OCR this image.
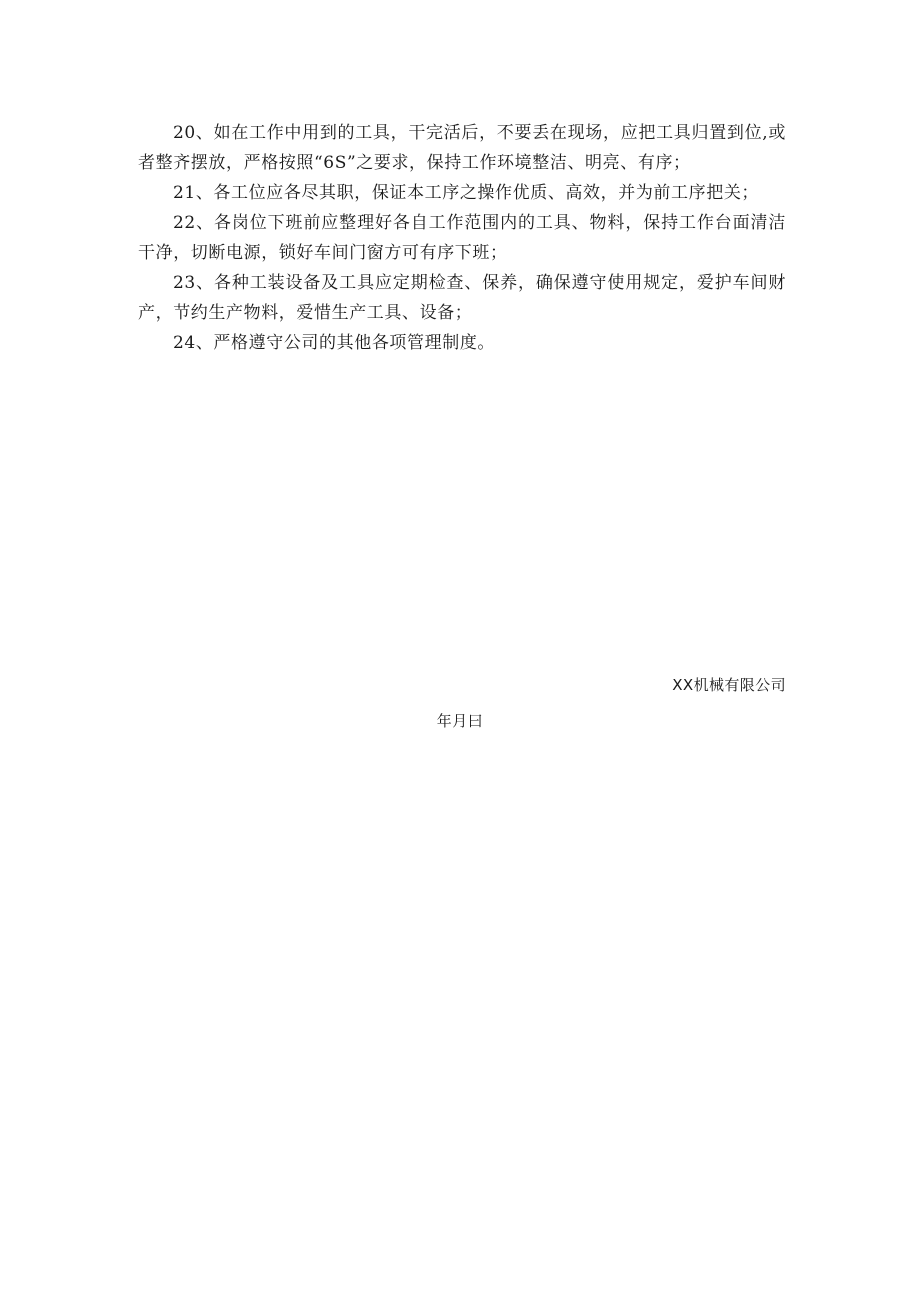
20、如在工作中用到的工具，干完活后，不要丢在现场，应把工具归置到位,或者整齐摆放，严格按照“6S”之要求，保持工作环境整洁、明亮、有序；

21、各工位应各尽其职，保证本工序之操作优质、高效，并为前工序把关；

22、各岗位下班前应整理好各自工作范围内的工具、物料，保持工作台面清洁干净，切断电源，锁好车间门窗方可有序下班；

23、各种工装设备及工具应定期检查、保养，确保遵守使用规定，爱护车间财产，节约生产物料，爱惜生产工具、设备；

24、严格遵守公司的其他各项管理制度。

XX机械有限公司
年月曰
